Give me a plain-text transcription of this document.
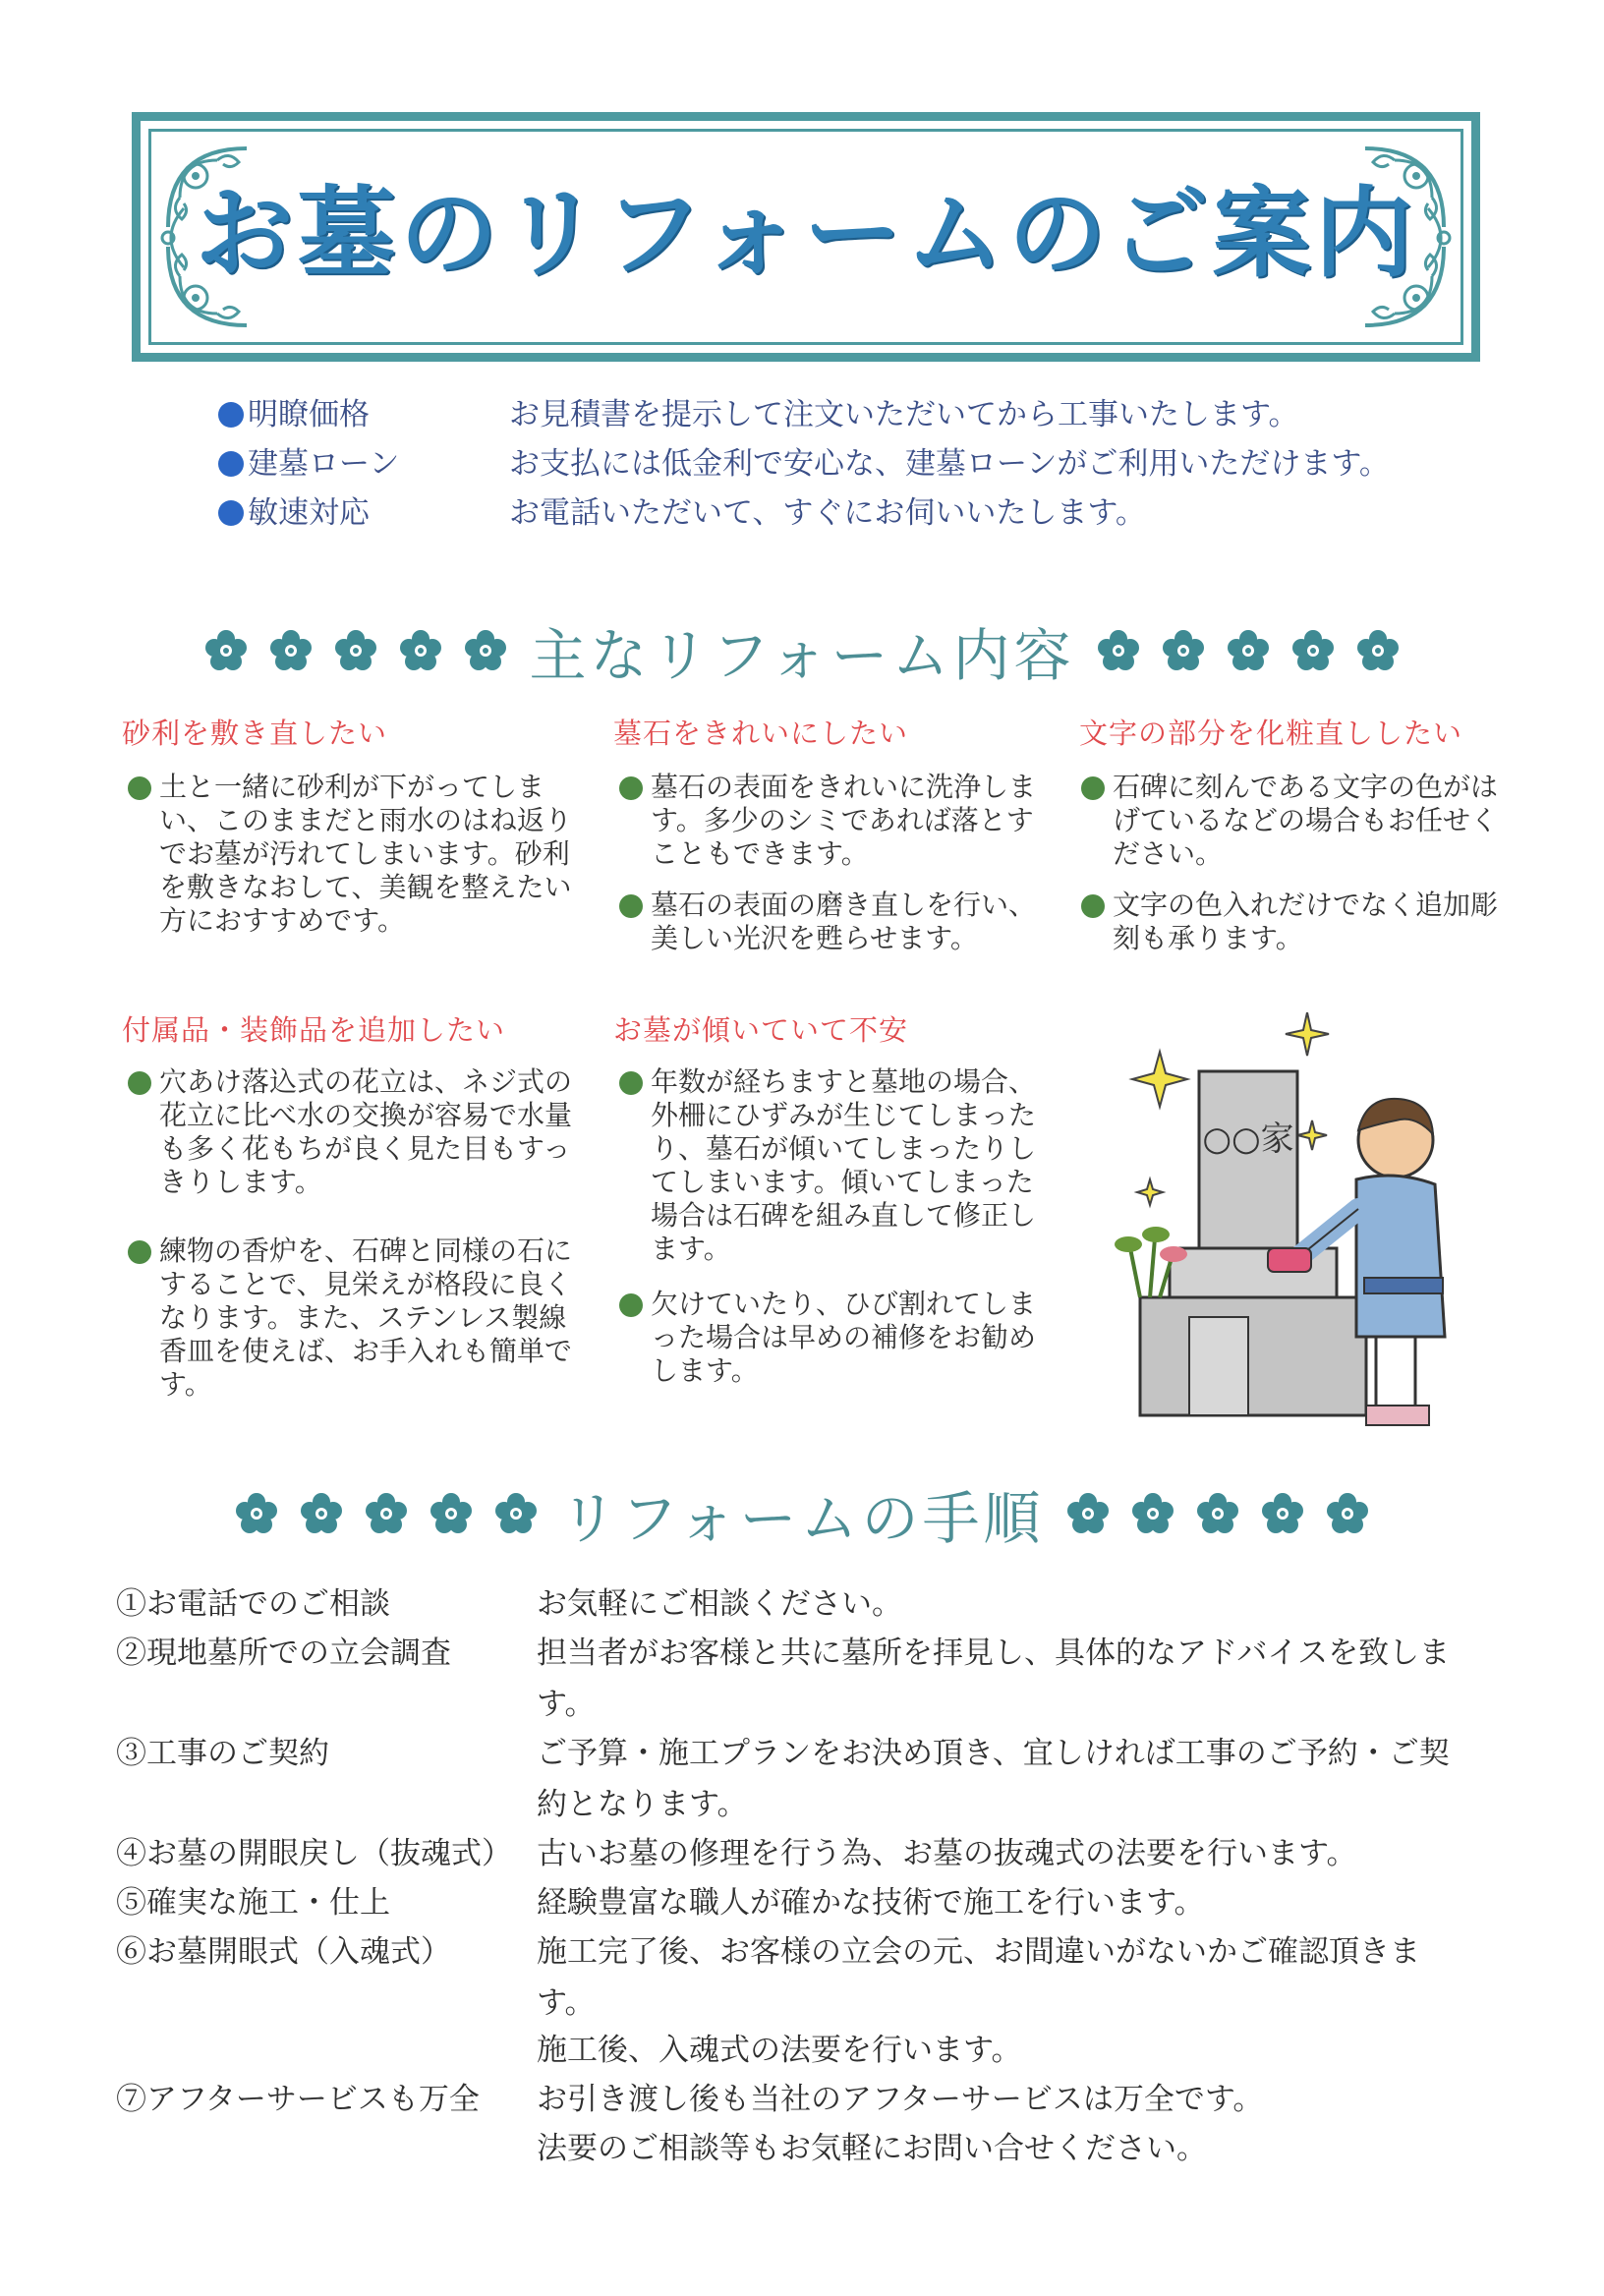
お墓のリフォームのご案内
明瞭価格	お見積書を提示して注文いただいてから工事いたします。
建墓ローン	お支払には低金利で安心な、建墓ローンがご利用いただけます。
敏速対応	お電話いただいて、すぐにお伺いいたします。
主なリフォーム内容
砂利を敷き直したい
土と一緒に砂利が下がってしまい、このままだと雨水のはね返りでお墓が汚れてしまいます。砂利を敷きなおして、美観を整えたい方におすすめです。
墓石をきれいにしたい
墓石の表面をきれいに洗浄します。多少のシミであれば落とすこともできます。
墓石の表面の磨き直しを行い、美しい光沢を甦らせます。
文字の部分を化粧直ししたい
石碑に刻んである文字の色がはげているなどの場合もお任せください。
文字の色入れだけでなく追加彫刻も承ります。
付属品・装飾品を追加したい
穴あけ落込式の花立は、ネジ式の花立に比べ水の交換が容易で水量も多く花もちが良く見た目もすっきりします。
練物の香炉を、石碑と同様の石にすることで、見栄えが格段に良くなります。また、ステンレス製線香皿を使えば、お手入れも簡単です。
お墓が傾いていて不安
年数が経ちますと墓地の場合、外柵にひずみが生じてしまったり、墓石が傾いてしまったりしてしまいます。傾いてしまった場合は石碑を組み直して修正します。
欠けていたり、ひび割れてしまった場合は早めの補修をお勧めします。
○○家
リフォームの手順
①お電話でのご相談	お気軽にご相談ください。
②現地墓所での立会調査	担当者がお客様と共に墓所を拝見し、具体的なアドバイスを致しま
す。
③工事のご契約	ご予算・施工プランをお決め頂き、宜しければ工事のご予約・ご契
約となります。
④お墓の開眼戻し（抜魂式） 古いお墓の修理を行う為、お墓の抜魂式の法要を行います。
⑤確実な施工・仕上	経験豊富な職人が確かな技術で施工を行います。
⑥お墓開眼式（入魂式）	施工完了後、お客様の立会の元、お間違いがないかご確認頂きま
す。
施工後、入魂式の法要を行います。
⑦アフターサービスも万全 お引き渡し後も当社のアフターサービスは万全です。
法要のご相談等もお気軽にお問い合せください。
